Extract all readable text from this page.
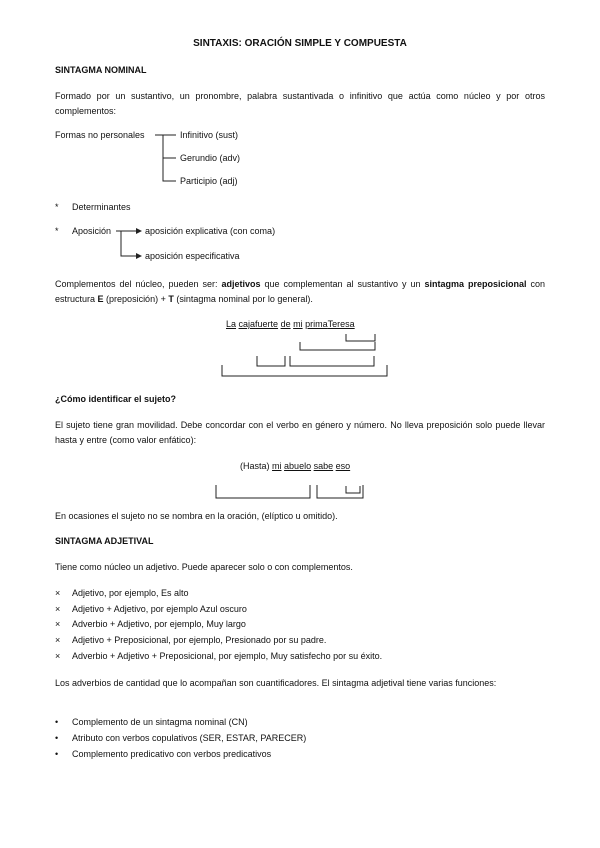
SINTAXIS: ORACIÓN SIMPLE Y COMPUESTA
SINTAGMA NOMINAL
Formado por un sustantivo, un pronombre, palabra sustantivada o infinitivo que actúa como núcleo y por otros complementos:
Formas no personales	Infinitivo (sust)
Gerundio (adv)
Participio (adj)
* Determinantes
* Aposición	aposición explicativa (con coma)
aposición especificativa
Complementos del núcleo, pueden ser: adjetivos que complementan al sustantivo y un sintagma preposicional con estructura E (preposición) + T (sintagma nominal por lo general).
La cajafuerte de mi primaTeresa
¿Cómo identificar el sujeto?
El sujeto tiene gran movilidad. Debe concordar con el verbo en género y número. No lleva preposición solo puede llevar hasta y entre (como valor enfático):
(Hasta) mi abuelo sabe eso
En ocasiones el sujeto no se nombra en la oración, (elíptico u omitido).
SINTAGMA ADJETIVAL
Tiene como núcleo un adjetivo. Puede aparecer solo o con complementos.
× Adjetivo, por ejemplo, Es alto
× Adjetivo + Adjetivo, por ejemplo Azul oscuro
× Adverbio + Adjetivo, por ejemplo, Muy largo
× Adjetivo + Preposicional, por ejemplo, Presionado por su padre.
× Adverbio + Adjetivo + Preposicional, por ejemplo, Muy satisfecho por su éxito.
Los adverbios de cantidad que lo acompañan son cuantificadores. El sintagma adjetival tiene varias funciones:
• Complemento de un sintagma nominal (CN)
• Atributo con verbos copulativos (SER, ESTAR, PARECER)
• Complemento predicativo con verbos predicativos
